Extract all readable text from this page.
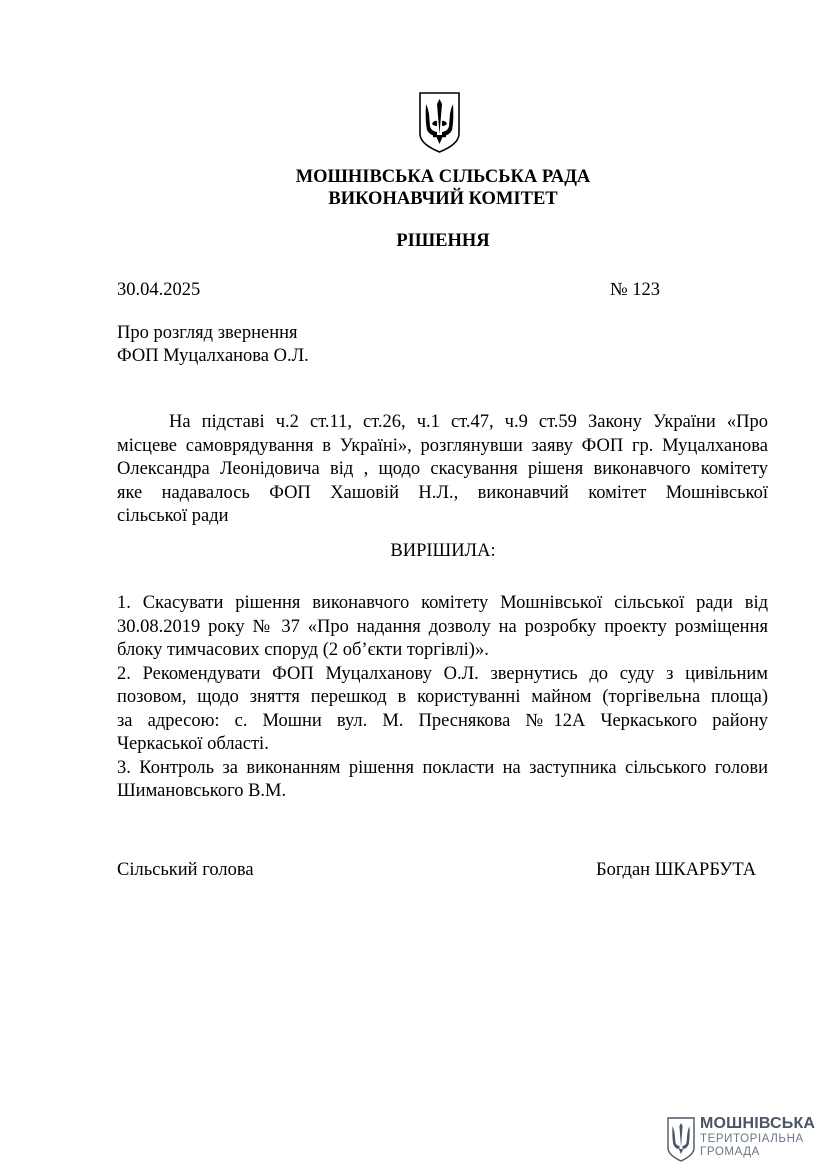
МОШНІВСЬКА СІЛЬСЬКА РАДА
ВИКОНАВЧИЙ КОМІТЕТ
РІШЕННЯ
30.04.2025	№ 123
Про розгляд звернення
ФОП Муцалханова О.Л.
На підставі ч.2 ст.11, ст.26, ч.1 ст.47, ч.9 ст.59 Закону України «Про
місцеве самоврядування в Україні», розглянувши заяву ФОП гр. Муцалханова
Олександра Леонідовича від , щодо скасування рішеня виконавчого комітету
яке надавалось ФОП Хашовій Н.Л., виконавчий комітет Мошнівської
сільської ради
ВИРІШИЛА:
1. Скасувати рішення виконавчого комітету Мошнівської сільської ради від
30.08.2019 року № 37 «Про надання дозволу на розробку проекту розміщення
блоку тимчасових споруд (2 об’єкти торгівлі)».
2. Рекомендувати ФОП Муцалханову О.Л. звернутись до суду з цивільним
позовом, щодо зняття перешкод в користуванні майном (торгівельна площа)
за адресою: с. Мошни вул. М. Преснякова №12А Черкаського району
Черкаської області.
3. Контроль за виконанням рішення покласти на заступника сільського голови
Шимановського В.М.
Сільський голова	Богдан ШКАРБУТА
МОШНІВСЬКА
ТЕРИТОРІАЛЬНА
ГРОМАДА
